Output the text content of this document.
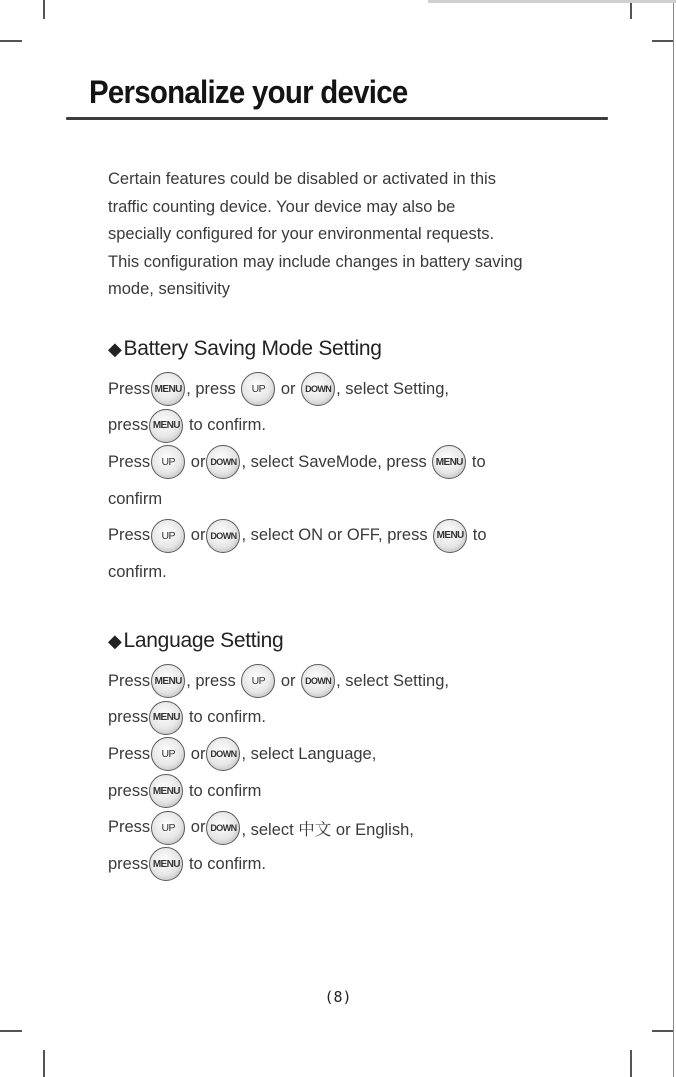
Personalize your device
Certain features could be disabled or activated in this
traffic counting device. Your device may also be
specially configured for your environmental requests.
This configuration may include changes in battery saving
mode, sensitivity
◆Battery Saving Mode Setting
Press MENU , press	UP or DOWN , select Setting,
press MENU to confirm.
Press	UP or DOWN , select SaveMode, press MENU to
confirm
Press	UP or DOWN , select ON or OFF, press MENU to
confirm.
◆Language Setting
Press MENU , press	UP or DOWN , select Setting,
press MENU to confirm.
Press	UP or DOWN , select Language,
press MENU to confirm
Press	UP or DOWN , select 中文 or English,
press MENU to confirm.
(8)
